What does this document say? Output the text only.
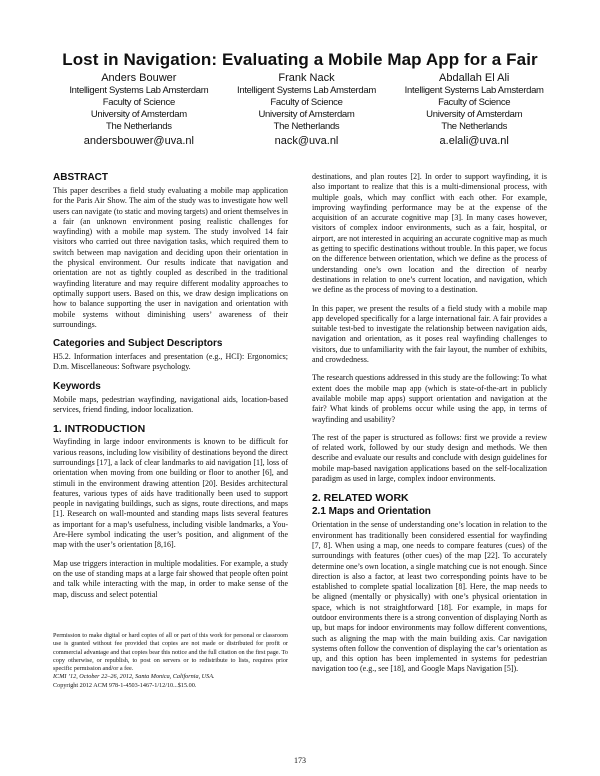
Lost in Navigation: Evaluating a Mobile Map App for a Fair
Anders Bouwer
Intelligent Systems Lab Amsterdam
Faculty of Science
University of Amsterdam
The Netherlands
andersbouwer@uva.nl
Frank Nack
Intelligent Systems Lab Amsterdam
Faculty of Science
University of Amsterdam
The Netherlands
nack@uva.nl
Abdallah El Ali
Intelligent Systems Lab Amsterdam
Faculty of Science
University of Amsterdam
The Netherlands
a.elali@uva.nl
ABSTRACT

This paper describes a field study evaluating a mobile map application for the Paris Air Show. The aim of the study was to investigate how well users can navigate (to static and moving targets) and orient themselves in a fair (an unknown environment posing realistic challenges for wayfinding) with a mobile map system. The study involved 14 fair visitors who carried out three navigation tasks, which required them to switch between map navigation and deciding upon their orientation in the physical environment. Our results indicate that navigation and orientation are not as tightly coupled as described in the traditional wayfinding literature and may require different modality approaches to optimally support users. Based on this, we draw design implications on how to balance supporting the user in navigation and orientation with mobile systems without diminishing users’ awareness of their surroundings.

Categories and Subject Descriptors

H5.2. Information interfaces and presentation (e.g., HCI): Ergonomics; D.m. Miscellaneous: Software psychology.

Keywords

Mobile maps, pedestrian wayfinding, navigational aids, location-based services, friend finding, indoor localization.

1. INTRODUCTION

Wayfinding in large indoor environments is known to be difficult for various reasons, including low visibility of destinations beyond the direct surroundings [17], a lack of clear landmarks to aid navigation [1], loss of orientation when moving from one building or floor to another [6], and stimuli in the environment drawing attention [20]. Besides architectural features, various types of aids have traditionally been used to support people in navigating buildings, such as signs, route directions, and maps [1]. Research on wall-mounted and standing maps lists several features as important for a map’s usefulness, including visible landmarks, a You-Are-Here symbol indicating the user’s position, and alignment of the map with the user’s orientation [8,16].

Map use triggers interaction in multiple modalities. For example, a study on the use of standing maps at a large fair showed that people often point and talk while interacting with the map, in order to make sense of the map, discuss and select potential

Permission to make digital or hard copies of all or part of this work for personal or classroom use is granted without fee provided that copies are not made or distributed for profit or commercial advantage and that copies bear this notice and the full citation on the first page. To copy otherwise, or republish, to post on servers or to redistribute to lists, requires prior specific permission and/or a fee.

ICMI ’12, October 22–26, 2012, Santa Monica, California, USA.

Copyright 2012 ACM 978-1-4503-1467-1/12/10...$15.00.

destinations, and plan routes [2]. In order to support wayfinding, it is also important to realize that this is a multi-dimensional process, with multiple goals, which may conflict with each other. For example, improving wayfinding performance may be at the expense of the acquisition of an accurate cognitive map [3]. In many cases however, visitors of complex indoor environments, such as a fair, hospital, or airport, are not interested in acquiring an accurate cognitive map as much as getting to specific destinations without trouble. In this paper, we focus on the difference between orientation, which we define as the process of understanding one’s own location and the direction of nearby destinations in relation to one’s current location, and navigation, which we define as the process of moving to a destination.

In this paper, we present the results of a field study with a mobile map app developed specifically for a large international fair. A fair provides a suitable test-bed to investigate the relationship between navigation aids, navigation and orientation, as it poses real wayfinding challenges to visitors, due to unfamiliarity with the fair layout, the number of exhibits, and crowdedness.

The research questions addressed in this study are the following: To what extent does the mobile map app (which is state-of-the-art in publicly available mobile map apps) support orientation and navigation at the fair? What kinds of problems occur while using the app, in terms of wayfinding and usability?

The rest of the paper is structured as follows: first we provide a review of related work, followed by our study design and methods. We then describe and evaluate our results and conclude with design guidelines for mobile map-based navigation applications based on the self-localization paradigm as used in large, complex indoor environments.

2. RELATED WORK
2.1 Maps and Orientation

Orientation in the sense of understanding one’s location in relation to the environment has traditionally been considered essential for wayfinding [7, 8]. When using a map, one needs to compare features (cues) of the surroundings with features (other cues) of the map [22]. To accurately determine one’s own location, a single matching cue is not enough. Since direction is also a factor, at least two corresponding points have to be established to complete spatial localization [8]. Here, the map needs to be aligned (mentally or physically) with one’s physical orientation in space, which is not straightforward [18]. For example, in maps for outdoor environments there is a strong convention of displaying North as up, but maps for indoor environments may follow different conventions, such as aligning the map with the main building axis. Car navigation systems often follow the convention of displaying the car’s orientation as up, and this option has been implemented in systems for pedestrian navigation too (e.g., see [18], and Google Maps Navigation [5]).

173
